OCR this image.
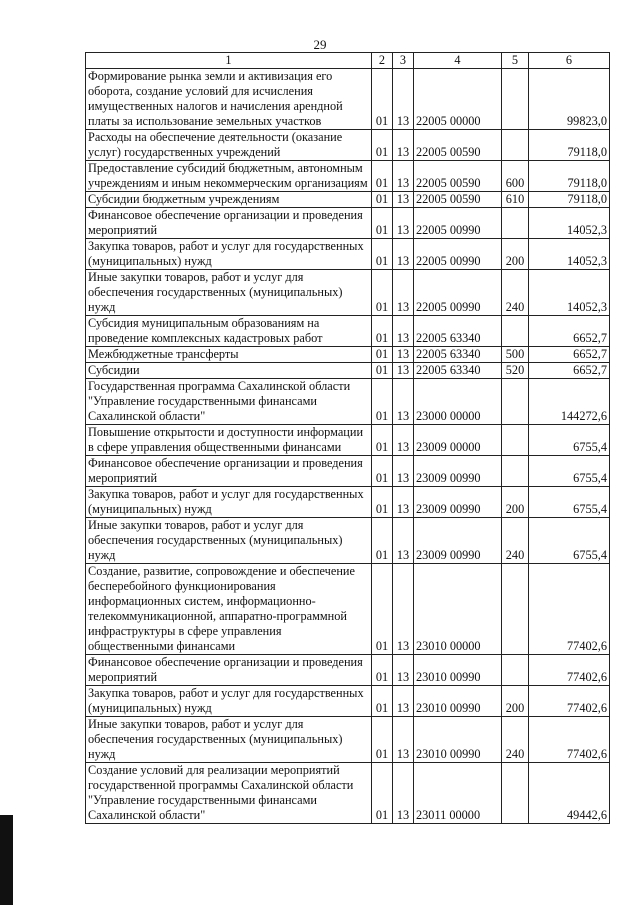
29
1	2	3	4	5	6
Формирование рынка земли и активизация его оборота, создание условий для исчисления имущественных налогов и начисления арендной платы за использование земельных участков	01	13	22005 00000		99823,0
Расходы на обеспечение деятельности (оказание услуг) государственных учреждений	01	13	22005 00590		79118,0
Предоставление субсидий бюджетным, автономным учреждениям и иным некоммерческим организациям	01	13	22005 00590	600	79118,0
Субсидии бюджетным учреждениям	01	13	22005 00590	610	79118,0
Финансовое обеспечение организации и проведения мероприятий	01	13	22005 00990		14052,3
Закупка товаров, работ и услуг для государственных (муниципальных) нужд	01	13	22005 00990	200	14052,3
Иные закупки товаров, работ и услуг для обеспечения государственных (муниципальных) нужд	01	13	22005 00990	240	14052,3
Субсидия муниципальным образованиям на проведение комплексных кадастровых работ	01	13	22005 63340		6652,7
Межбюджетные трансферты	01	13	22005 63340	500	6652,7
Субсидии	01	13	22005 63340	520	6652,7
Государственная программа Сахалинской области "Управление государственными финансами Сахалинской области"	01	13	23000 00000		144272,6
Повышение открытости и доступности информации в сфере управления общественными финансами	01	13	23009 00000		6755,4
Финансовое обеспечение организации и проведения мероприятий	01	13	23009 00990		6755,4
Закупка товаров, работ и услуг для государственных (муниципальных) нужд	01	13	23009 00990	200	6755,4
Иные закупки товаров, работ и услуг для обеспечения государственных (муниципальных) нужд	01	13	23009 00990	240	6755,4
Создание, развитие, сопровождение и обеспечение бесперебойного функционирования информационных систем, информационно-телекоммуникационной, аппаратно-программной инфраструктуры в сфере управления общественными финансами	01	13	23010 00000		77402,6
Финансовое обеспечение организации и проведения мероприятий	01	13	23010 00990		77402,6
Закупка товаров, работ и услуг для государственных (муниципальных) нужд	01	13	23010 00990	200	77402,6
Иные закупки товаров, работ и услуг для обеспечения государственных (муниципальных) нужд	01	13	23010 00990	240	77402,6
Создание условий для реализации мероприятий государственной программы Сахалинской области "Управление государственными финансами Сахалинской области"	01	13	23011 00000		49442,6
